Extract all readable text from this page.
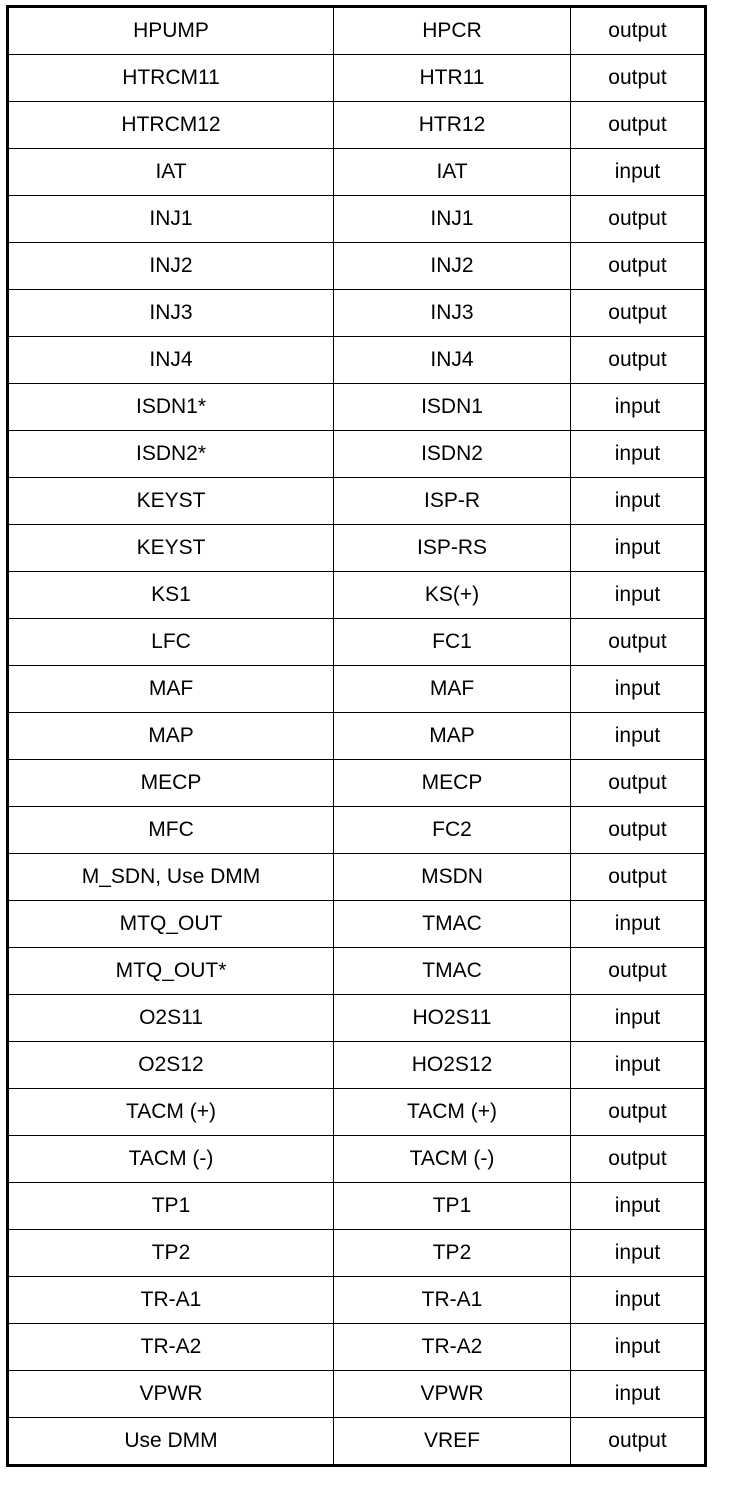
HPUMP	HPCR	output
HTRCM11	HTR11	output
HTRCM12	HTR12	output
IAT	IAT	input
INJ1	INJ1	output
INJ2	INJ2	output
INJ3	INJ3	output
INJ4	INJ4	output
ISDN1*	ISDN1	input
ISDN2*	ISDN2	input
KEYST	ISP-R	input
KEYST	ISP-RS	input
KS1	KS(+)	input
LFC	FC1	output
MAF	MAF	input
MAP	MAP	input
MECP	MECP	output
MFC	FC2	output
M_SDN, Use DMM	MSDN	output
MTQ_OUT	TMAC	input
MTQ_OUT*	TMAC	output
O2S11	HO2S11	input
O2S12	HO2S12	input
TACM (+)	TACM (+)	output
TACM (-)	TACM (-)	output
TP1	TP1	input
TP2	TP2	input
TR-A1	TR-A1	input
TR-A2	TR-A2	input
VPWR	VPWR	input
Use DMM	VREF	output
